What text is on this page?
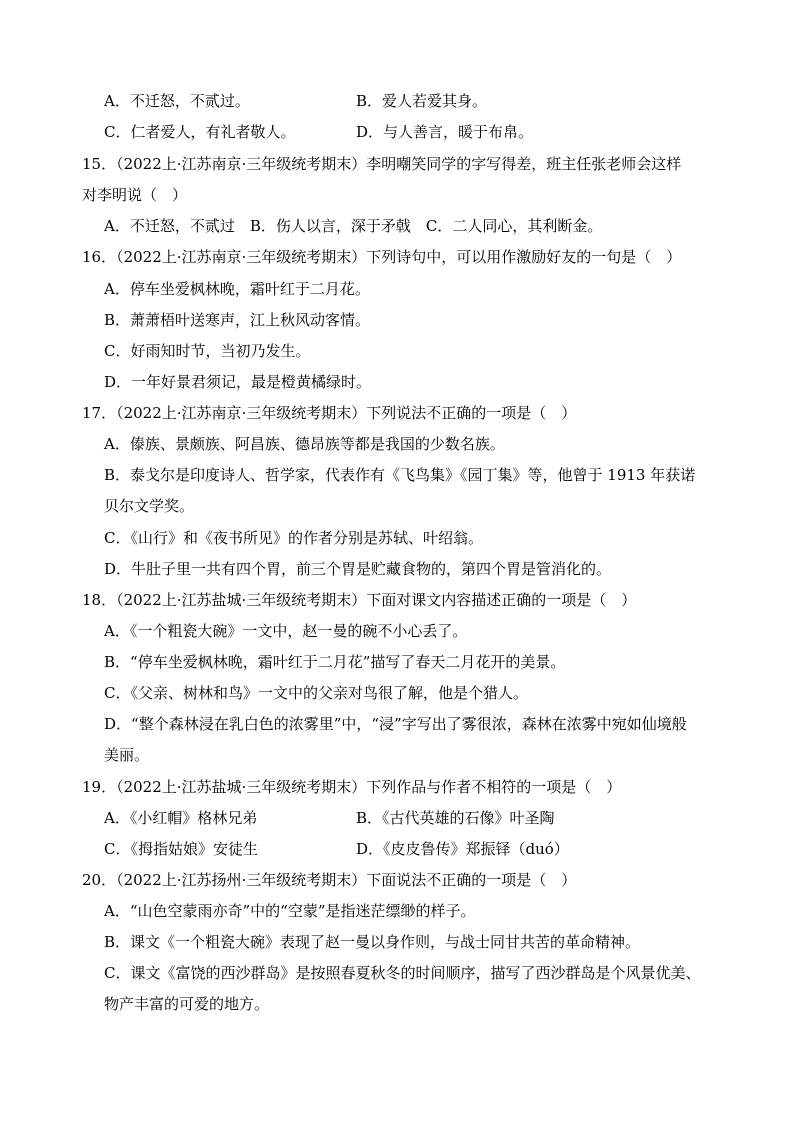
A．不迁怒，不贰过。	B．爱人若爱其身。
C．仁者爱人，有礼者敬人。	D．与人善言，暖于布帛。
15．（2022上·江苏南京·三年级统考期末）李明嘲笑同学的字写得差，班主任张老师会这样
对李明说（　）
A．不迁怒，不贰过　B．伤人以言，深于矛戟　C．二人同心，其利断金。
16．（2022上·江苏南京·三年级统考期末）下列诗句中，可以用作激励好友的一句是（　）
A．停车坐爱枫林晚，霜叶红于二月花。
B．萧萧梧叶送寒声，江上秋风动客情。
C．好雨知时节，当初乃发生。
D．一年好景君须记，最是橙黄橘绿时。
17．（2022上·江苏南京·三年级统考期末）下列说法不正确的一项是（　）
A．傣族、景颇族、阿昌族、德昂族等都是我国的少数名族。
B．泰戈尔是印度诗人、哲学家，代表作有《飞鸟集》《园丁集》等，他曾于 1913 年获诺
贝尔文学奖。
C．《山行》和《夜书所见》的作者分别是苏轼、叶绍翁。
D．牛肚子里一共有四个胃，前三个胃是贮藏食物的，第四个胃是管消化的。
18．（2022上·江苏盐城·三年级统考期末）下面对课文内容描述正确的一项是（　）
A．《一个粗瓷大碗》一文中，赵一曼的碗不小心丢了。
B．“停车坐爱枫林晚，霜叶红于二月花”描写了春天二月花开的美景。
C．《父亲、树林和鸟》一文中的父亲对鸟很了解，他是个猎人。
D．“整个森林浸在乳白色的浓雾里”中，“浸”字写出了雾很浓，森林在浓雾中宛如仙境般
美丽。
19．（2022上·江苏盐城·三年级统考期末）下列作品与作者不相符的一项是（　）
A．《小红帽》格林兄弟	B．《古代英雄的石像》叶圣陶
C．《拇指姑娘》安徒生	D．《皮皮鲁传》郑振铎（duó）
20．（2022上·江苏扬州·三年级统考期末）下面说法不正确的一项是（　）
A．“山色空蒙雨亦奇”中的“空蒙”是指迷茫缥缈的样子。
B．课文《一个粗瓷大碗》表现了赵一曼以身作则，与战士同甘共苦的革命精神。
C．课文《富饶的西沙群岛》是按照春夏秋冬的时间顺序，描写了西沙群岛是个风景优美、
物产丰富的可爱的地方。
